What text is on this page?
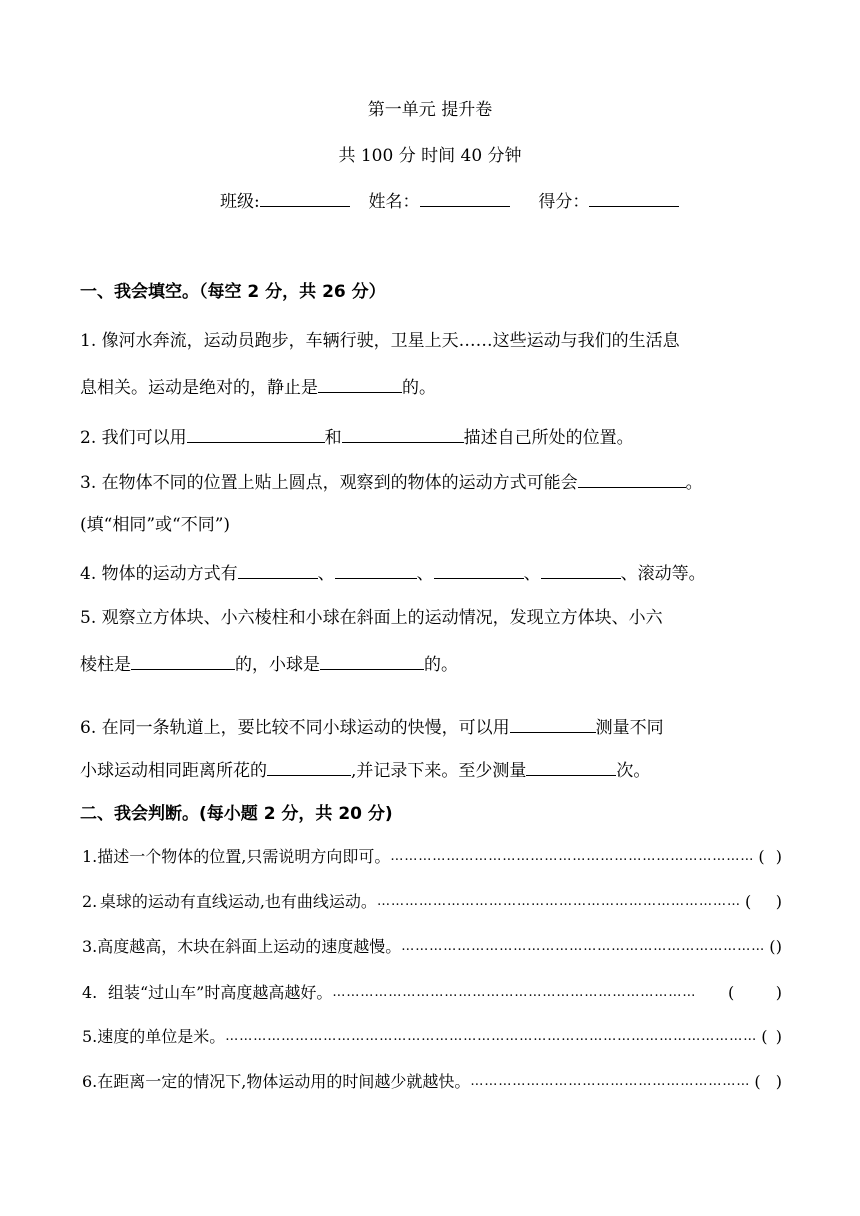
第一单元 提升卷
共 100 分 时间 40 分钟
班级:	姓名：	得分：
一、我会填空。（每空 2 分，共 26 分）
1. 像河水奔流，运动员跑步，车辆行驶，卫星上天……这些运动与我们的生活息
息相关。运动是绝对的，静止是	的。
2. 我们可以用	和	描述自己所处的位置。
3. 在物体不同的位置上贴上圆点，观察到的物体的运动方式可能会	。
(填“相同”或“不同”)
4. 物体的运动方式有	、	、	、	、滚动等。
5. 观察立方体块、小六棱柱和小球在斜面上的运动情况，发现立方体块、小六
棱柱是	的，小球是	的。
6. 在同一条轨道上，要比较不同小球运动的快慢，可以用	测量不同
小球运动相同距离所花的	,并记录下来。至少测量	次。
二、我会判断。(每小题 2 分，共 20 分)
1. 描述一个物体的位置,只需说明方向即可。 …………………………………………………………………… ( )
2. 桌球的运动有直线运动,也有曲线运动。 …………………………………………………………………… ( )
3. 高度越高，木块在斜面上运动的速度越慢。 …………………………………………………………………… ( )
4. 组装“过山车”时高度越高越好。 ……………………………………………………………………	(	)
5. 速度的单位是米。 …………………………………………………………………………………………………… ( )
6. 在距离一定的情况下,物体运动用的时间越少就越快。 …………………………………………………… ( )
